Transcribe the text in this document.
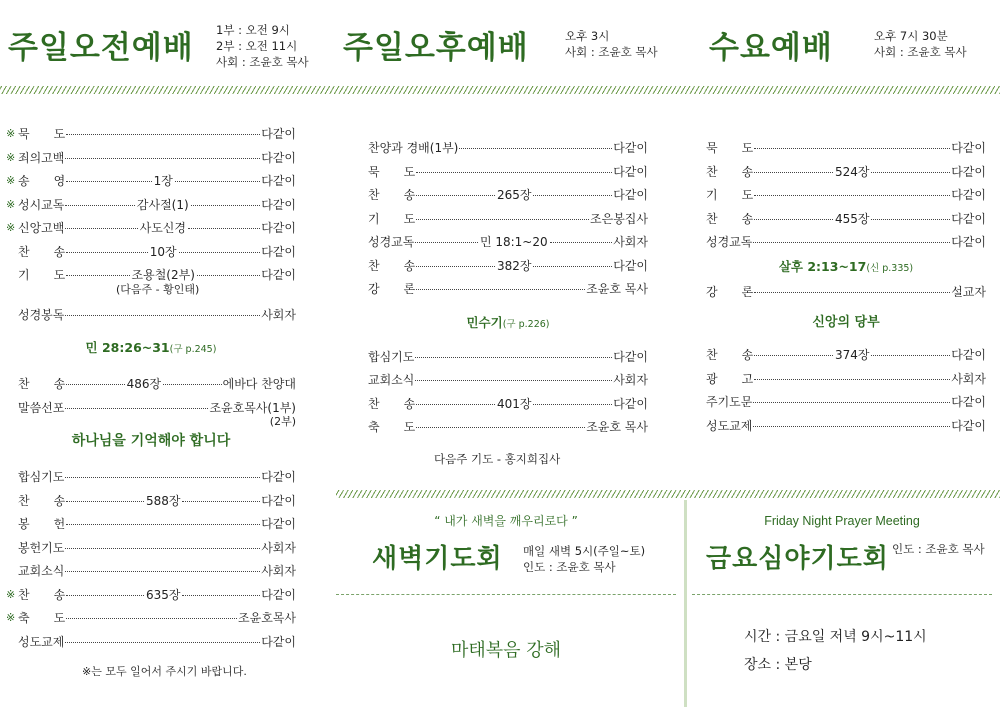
주일오전예배 1부 : 오전 9시
2부 : 오전 11시
사회 : 조윤호 목사 주일오후예배	오후 3시
사회 : 조윤호 목사 수요예배	오후 7시 30분
사회 : 조윤호 목사
※ 묵　　도	다같이
※ 죄의고백	다같이
※ 송　　영	1장	다같이
※ 성시교독	감사절(1)	다같이
※ 신앙고백	사도신경	다같이
찬　　송	10장	다같이
기　　도	조용철(2부)	다같이
(다음주 - 황인태)
성경봉독	사회자
민 28:26~31(구 p.245)
찬　　송	486장	에바다 찬양대
말씀선포	조윤호목사(1부)
(2부)
하나님을 기억해야 합니다
합심기도	다같이
찬　　송	588장	다같이
봉　　헌	다같이
봉헌기도	사회자
교회소식	사회자
※ 찬　　송	635장	다같이
※ 축　　도	조윤호목사
성도교제	다같이
※는 모두 일어서 주시기 바랍니다.
찬양과 경배(1부)	다같이
묵　　도	다같이
찬　　송	265장	다같이
기　　도	조은봉집사
성경교독	민 18:1~20	사회자
찬　　송	382장	다같이
강　　론	조윤호 목사
민수기(구 p.226)
합심기도	다같이
교회소식	사회자
찬　　송	401장	다같이
축　　도	조윤호 목사
다음주 기도 - 홍지희집사
묵　　도	다같이
찬　　송	524장	다같이
기　　도	다같이
찬　　송	455장	다같이
성경교독	다같이
살후 2:13~17(신 p.335)
강　　론	설교자
신앙의 당부
찬　　송	374장	다같이
광　　고	사회자
주기도문	다같이
성도교제	다같이
“ 내가 새벽을 깨우리로다 ”
새벽기도회 매일 새벽 5시(주일~토)
인도 : 조윤호 목사
마태복음 강해
Friday Night Prayer Meeting
금요심야기도회 인도 : 조윤호 목사
시간 : 금요일 저녁 9시~11시
장소 : 본당
